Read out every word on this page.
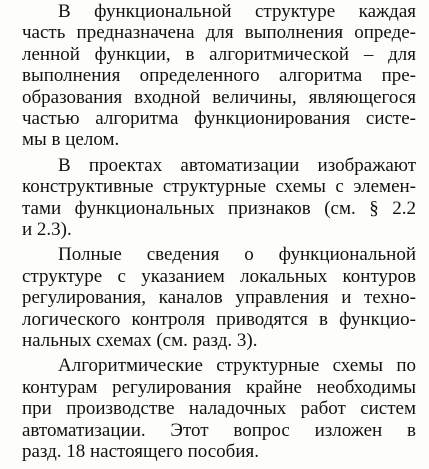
В функциональной структуре каждая
часть предназначена для выполнения опреде-
ленной функции, в алгоритмической – для
выполнения определенного алгоритма пре-
образования входной величины, являющегося
частью алгоритма функционирования систе-
мы в целом.
В проектах автоматизации изображают
конструктивные структурные схемы с элемен-
тами функциональных признаков (см. § 2.2
и 2.3).
Полные сведения о функциональной
структуре с указанием локальных контуров
регулирования, каналов управления и техно-
логического контроля приводятся в функцио-
нальных схемах (см. разд. 3).
Алгоритмические структурные схемы по
контурам регулирования крайне необходимы
при производстве наладочных работ систем
автоматизации. Этот вопрос изложен в
разд. 18 настоящего пособия.
